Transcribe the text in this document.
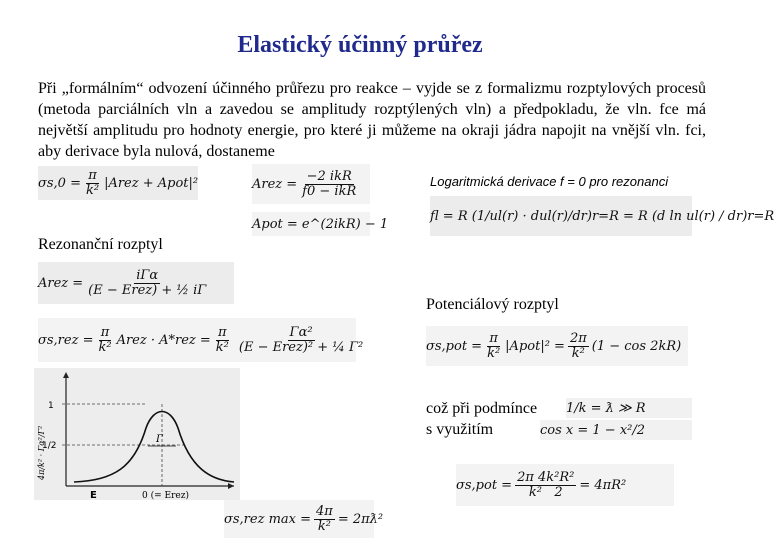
Elastický účinný průřez
Při „formálním“ odvození účinného průřezu pro reakce – vyjde se z formalizmu rozptylových procesů (metoda parciálních vln a zavedou se amplitudy rozptýlených vln) a předpokladu, že vln. fce má největší amplitudu pro hodnoty energie, pro které ji můžeme na okraji jádra napojit na vnější vln. fci, aby derivace byla nulová, dostaneme
$\sigma s,0 = \frac{\pi}{\text{k²}}$ |Arez + Apot|²	Arez = $\frac{\text{−2 ikR}}{\text{f0 − ikR}}$
Apot = e^(2ikR) − 1
Logaritmická derivace f = 0 pro rezonanci
fl = R
(1/ul(r) · dul(r)/dr)r=R
= R (d ln ul(r) / dr)r=R
Rezonanční rozptyl
Arez = $\frac{\text{iΓα}}{\text{(E − Erez) + ½ iΓ}}$
Potenciálový rozptyl
$\sigma s,rez = \frac{\pi}{\text{k²}}$ Arez · $A*rez = \frac{\pi}{\text{k²}} \frac{\text{Γα²}}{\text{(E − Erez)² + ¼ Γ²}}$	$\sigma s,pot = \frac{\pi}{\text{k²}}$ |Apot|² = $\frac{2\pi}{\text{k²}} (1 - \cos 2kR)$
1
1/2
Γ
E	0 (= Erez)
4π/k² · Γα²/Γ²
což při podmínce
s využitím
1/k = ƛ ≫ R
cos x = 1 − x²/2
$\sigma s,pot = \frac{\text{2π 4k²R²}}{\text{k² 2}} = 4\pi R^2$
σs,rez $\max = \frac{4\pi}{\text{k²}}$ = 2πƛ²
